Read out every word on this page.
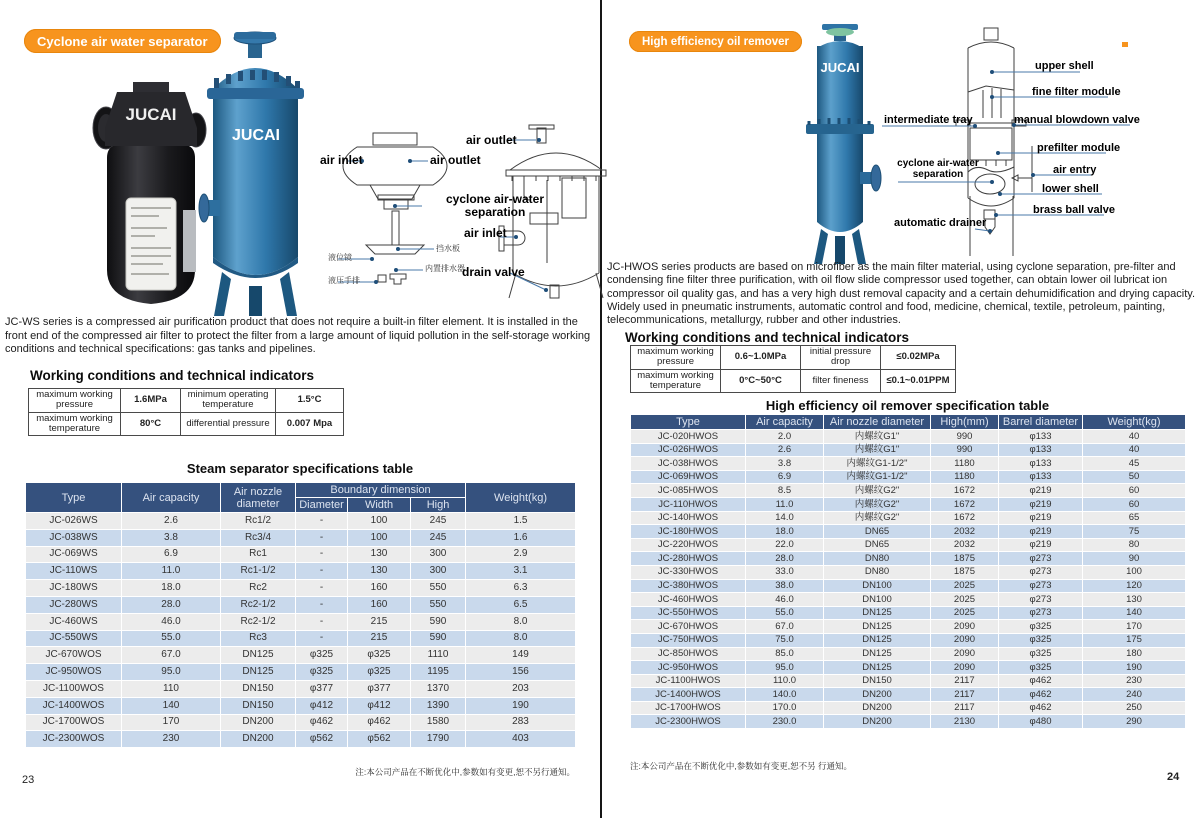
Cyclone air water separator
JUCAI
JUCAI
air inlet	air outlet
cyclone air-water
separation
挡水板
液位镜
内置排水器
液压手排
air outlet
air inlet
drain valve
JC-WS series is a compressed air purification product that does not require a built-in filter element. It is installed in the front end of the compressed air filter to protect the filter from a large amount of liquid pollution in the self-storage working conditions and technical specifications: gas tanks and pipelines.
Working conditions and technical indicators
maximum working pressure	1.6MPa	minimum operating temperature	1.5°C
maximum working temperature	80°C	differential pressure	0.007 Mpa
Steam separator specifications table
Type	Air capacity	Air nozzle diameter	Boundary dimension			Weight(kg)
			Diameter	Width	High	
JC-026WS	2.6	Rc1/2	-	100	245	1.5
JC-038WS	3.8	Rc3/4	-	100	245	1.6
JC-069WS	6.9	Rc1	-	130	300	2.9
JC-110WS	11.0	Rc1-1/2	-	130	300	3.1
JC-180WS	18.0	Rc2	-	160	550	6.3
JC-280WS	28.0	Rc2-1/2	-	160	550	6.5
JC-460WS	46.0	Rc2-1/2	-	215	590	8.0
JC-550WS	55.0	Rc3	-	215	590	8.0
JC-670WOS	67.0	DN125	φ325	φ325	1110	149
JC-950WOS	95.0	DN125	φ325	φ325	1195	156
JC-1100WOS	110	DN150	φ377	φ377	1370	203
JC-1400WOS	140	DN150	φ412	φ412	1390	190
JC-1700WOS	170	DN200	φ462	φ462	1580	283
JC-2300WOS	230	DN200	φ562	φ562	1790	403
注:本公司产品在不断优化中,参数如有变更,恕不另行通知。
23
High efficiency oil remover
JUCAI	upper shell
fine filter module
intermediate tray	manual blowdown valve
prefilter module
cyclone air-water
separation	air entry
lower shell
brass ball valve
automatic drainer
JC-HWOS series products are based on microfiber as the main filter material, using cyclone separation, pre-filter and condensing fine filter three purification, with oil flow slide compressor used together, can obtain lower oil lubricat ion compressor oil quality gas, and has a very high dust removal capacity and a certain dehumidification and drying capacity. Widely used in pneumatic instruments, automatic control and food, medicine, chemical, textile, petroleum, painting, telecommunications, metallurgy, rubber and other industries.
Working conditions and technical indicators
maximum working pressure	0.6~1.0MPa	initial pressure drop	≤0.02MPa
maximum working temperature	0°C~50°C	filter fineness	≤0.1~0.01PPM
High efficiency oil remover specification table
Type	Air capacity	Air nozzle diameter	High(mm)	Barrel diameter	Weight(kg)
JC-020HWOS	2.0	内螺纹G1"	990	φ133	40
JC-026HWOS	2.6	内螺纹G1"	990	φ133	40
JC-038HWOS	3.8	内螺纹G1-1/2"	1180	φ133	45
JC-069HWOS	6.9	内螺纹G1-1/2"	1180	φ133	50
JC-085HWOS	8.5	内螺纹G2"	1672	φ219	60
JC-110HWOS	11.0	内螺纹G2"	1672	φ219	60
JC-140HWOS	14.0	内螺纹G2"	1672	φ219	65
JC-180HWOS	18.0	DN65	2032	φ219	75
JC-220HWOS	22.0	DN65	2032	φ219	80
JC-280HWOS	28.0	DN80	1875	φ273	90
JC-330HWOS	33.0	DN80	1875	φ273	100
JC-380HWOS	38.0	DN100	2025	φ273	120
JC-460HWOS	46.0	DN100	2025	φ273	130
JC-550HWOS	55.0	DN125	2025	φ273	140
JC-670HWOS	67.0	DN125	2090	φ325	170
JC-750HWOS	75.0	DN125	2090	φ325	175
JC-850HWOS	85.0	DN125	2090	φ325	180
JC-950HWOS	95.0	DN125	2090	φ325	190
JC-1100HWOS	110.0	DN150	2117	φ462	230
JC-1400HWOS	140.0	DN200	2117	φ462	240
JC-1700HWOS	170.0	DN200	2117	φ462	250
JC-2300HWOS	230.0	DN200	2130	φ480	290
注:本公司产品在不断优化中,参数如有变更,恕不另 行通知。
24
